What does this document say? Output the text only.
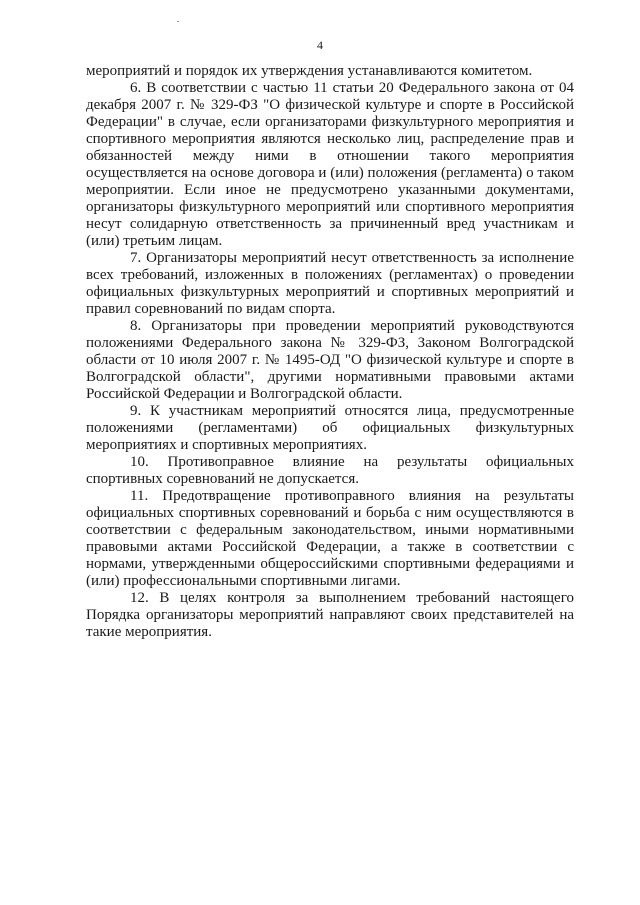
4

мероприятий и порядок их утверждения устанавливаются комитетом.

6. В соответствии с частью 11 статьи 20 Федерального закона от 04 декабря 2007 г. № 329-ФЗ "О физической культуре и спорте в Российской Федерации" в случае, если организаторами физкультурного мероприятия и спортивного мероприятия являются несколько лиц, распределение прав и обязанностей между ними в отношении такого мероприятия осуществляется на основе договора и (или) положения (регламента) о таком мероприятии. Если иное не предусмотрено указанными документами, организаторы физкультурного мероприятий или спортивного мероприятия несут солидарную ответственность за причиненный вред участникам и (или) третьим лицам.

7. Организаторы мероприятий несут ответственность за исполнение всех требований, изложенных в положениях (регламентах) о проведении официальных физкультурных мероприятий и спортивных мероприятий и правил соревнований по видам спорта.

8. Организаторы при проведении мероприятий руководствуются положениями Федерального закона № 329-ФЗ, Законом Волгоградской области от 10 июля 2007 г. № 1495-ОД "О физической культуре и спорте в Волгоградской области", другими нормативными правовыми актами Российской Федерации и Волгоградской области.

9. К участникам мероприятий относятся лица, предусмотренные положениями (регламентами) об официальных физкультурных мероприятиях и спортивных мероприятиях.

10. Противоправное влияние на результаты официальных спортивных соревнований не допускается.

11. Предотвращение противоправного влияния на результаты официальных спортивных соревнований и борьба с ним осуществляются в соответствии с федеральным законодательством, иными нормативными правовыми актами Российской Федерации, а также в соответствии с нормами, утвержденными общероссийскими спортивными федерациями и (или) профессиональными спортивными лигами.

12. В целях контроля за выполнением требований настоящего Порядка организаторы мероприятий направляют своих представителей на такие мероприятия.
